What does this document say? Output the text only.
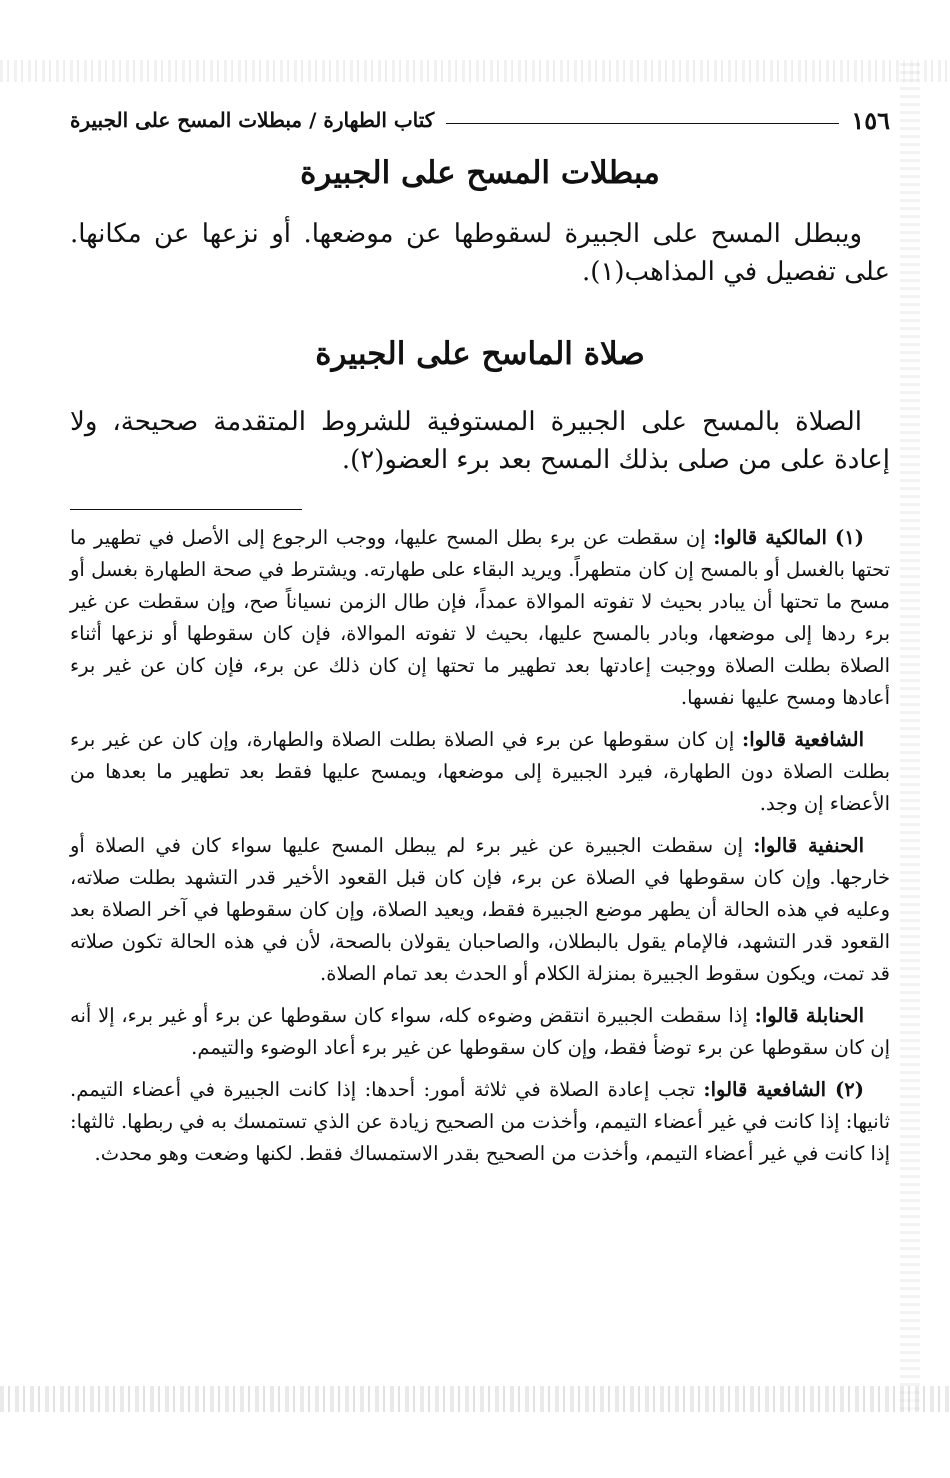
١٥٦
كتاب الطهارة / مبطلات المسح على الجبيرة
مبطلات المسح على الجبيرة

ويبطل المسح على الجبيرة لسقوطها عن موضعها. أو نزعها عن مكانها. على تفصيل في المذاهب(١).

صلاة الماسح على الجبيرة

الصلاة بالمسح على الجبيرة المستوفية للشروط المتقدمة صحيحة، ولا إعادة على من صلى بذلك المسح بعد برء العضو(٢).

(١) المالكية قالوا: إن سقطت عن برء بطل المسح عليها، ووجب الرجوع إلى الأصل في تطهير ما تحتها بالغسل أو بالمسح إن كان متطهراً. ويريد البقاء على طهارته. ويشترط في صحة الطهارة بغسل أو مسح ما تحتها أن يبادر بحيث لا تفوته الموالاة عمداً، فإن طال الزمن نسياناً صح، وإن سقطت عن غير برء ردها إلى موضعها، وبادر بالمسح عليها، بحيث لا تفوته الموالاة، فإن كان سقوطها أو نزعها أثناء الصلاة بطلت الصلاة ووجبت إعادتها بعد تطهير ما تحتها إن كان ذلك عن برء، فإن كان عن غير برء أعادها ومسح عليها نفسها.

الشافعية قالوا: إن كان سقوطها عن برء في الصلاة بطلت الصلاة والطهارة، وإن كان عن غير برء بطلت الصلاة دون الطهارة، فيرد الجبيرة إلى موضعها، ويمسح عليها فقط بعد تطهير ما بعدها من الأعضاء إن وجد.

الحنفية قالوا: إن سقطت الجبيرة عن غير برء لم يبطل المسح عليها سواء كان في الصلاة أو خارجها. وإن كان سقوطها في الصلاة عن برء، فإن كان قبل القعود الأخير قدر التشهد بطلت صلاته، وعليه في هذه الحالة أن يطهر موضع الجبيرة فقط، ويعيد الصلاة، وإن كان سقوطها في آخر الصلاة بعد القعود قدر التشهد، فالإمام يقول بالبطلان، والصاحبان يقولان بالصحة، لأن في هذه الحالة تكون صلاته قد تمت، ويكون سقوط الجبيرة بمنزلة الكلام أو الحدث بعد تمام الصلاة.

الحنابلة قالوا: إذا سقطت الجبيرة انتقض وضوءه كله، سواء كان سقوطها عن برء أو غير برء، إلا أنه إن كان سقوطها عن برء توضأ فقط، وإن كان سقوطها عن غير برء أعاد الوضوء والتيمم.

(٢) الشافعية قالوا: تجب إعادة الصلاة في ثلاثة أمور: أحدها: إذا كانت الجبيرة في أعضاء التيمم. ثانيها: إذا كانت في غير أعضاء التيمم، وأخذت من الصحيح زيادة عن الذي تستمسك به في ربطها. ثالثها: إذا كانت في غير أعضاء التيمم، وأخذت من الصحيح بقدر الاستمساك فقط. لكنها وضعت وهو محدث.
